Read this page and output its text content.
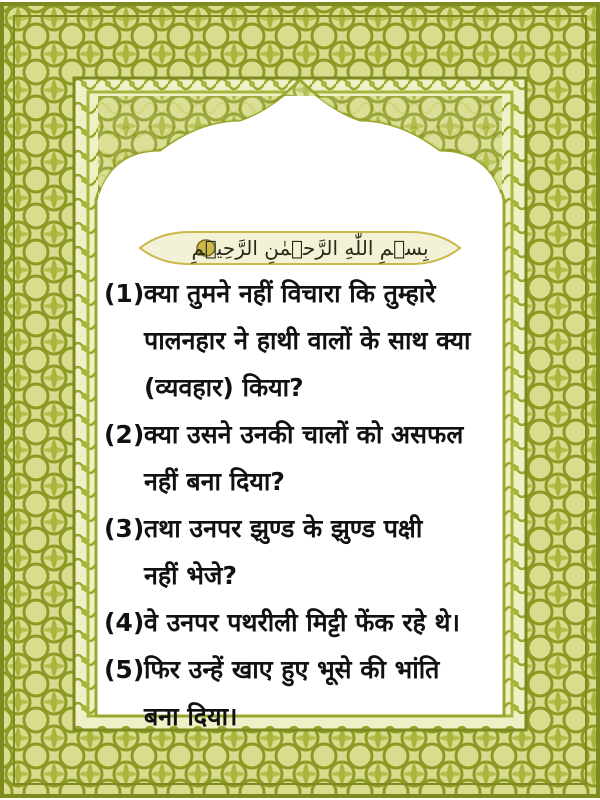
بِسۡمِ اللّٰهِ الرَّحۡمٰنِ الرَّحِيۡمِ
(1)क्या तुमने नहीं विचारा कि तुम्हारे
पालनहार ने हाथी वालों के साथ क्या
(व्यवहार) किया?
(2)क्या उसने उनकी चालों को असफल
नहीं बना दिया?
(3)तथा उनपर झुण्ड के झुण्ड पक्षी
नहीं भेजे?
(4)वे उनपर पथरीली मिट्टी फेंक रहे थे।
(5)फिर उन्हें खाए हुए भूसे की भांति
बना दिया।
